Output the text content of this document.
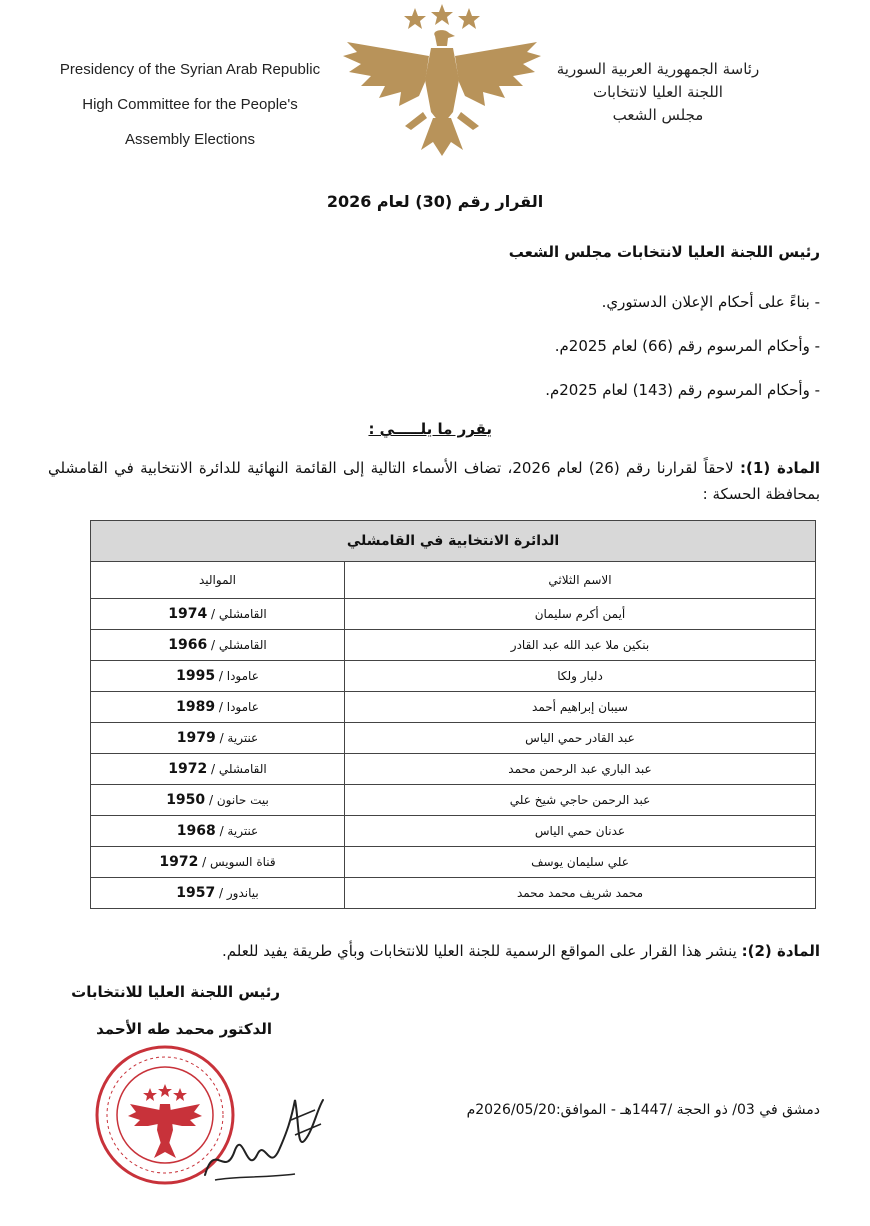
Presidency of the Syrian Arab Republic
High Committee for the People's
Assembly Elections
رئاسة الجمهورية العربية السورية
اللجنة العليا لانتخابات
مجلس الشعب
القرار رقم (30) لعام 2026
رئيس اللجنة العليا لانتخابات مجلس الشعب
- بناءً على أحكام الإعلان الدستوري.
- وأحكام المرسوم رقم (66) لعام 2025م.
- وأحكام المرسوم رقم (143) لعام 2025م.
يقرر ما يلـــــي :
المادة (1): لاحقاً لقرارنا رقم (26) لعام 2026، تضاف الأسماء التالية إلى القائمة النهائية للدائرة الانتخابية في القامشلي بمحافظة الحسكة :
الدائرة الانتخابية في القامشلي	
الاسم الثلاثي	المواليد
أيمن أكرم سليمان	القامشلي / 1974
بنكين ملا عبد الله عبد القادر	القامشلي / 1966
دلبار ولكا	عامودا / 1995
سيبان إبراهيم أحمد	عامودا / 1989
عبد القادر حمي الياس	عنترية / 1979
عبد الباري عبد الرحمن محمد	القامشلي / 1972
عبد الرحمن حاجي شيخ علي	بيت حانون / 1950
عدنان حمي الياس	عنترية / 1968
علي سليمان يوسف	قناة السويس / 1972
محمد شريف محمد محمد	بياندور / 1957
المادة (2): ينشر هذا القرار على المواقع الرسمية للجنة العليا للانتخابات وبأي طريقة يفيد للعلم.
رئيس اللجنة العليا للانتخابات
الدكتور محمد طه الأحمد
دمشق في 03/ ذو الحجة /1447هـ - الموافق:2026/05/20م
